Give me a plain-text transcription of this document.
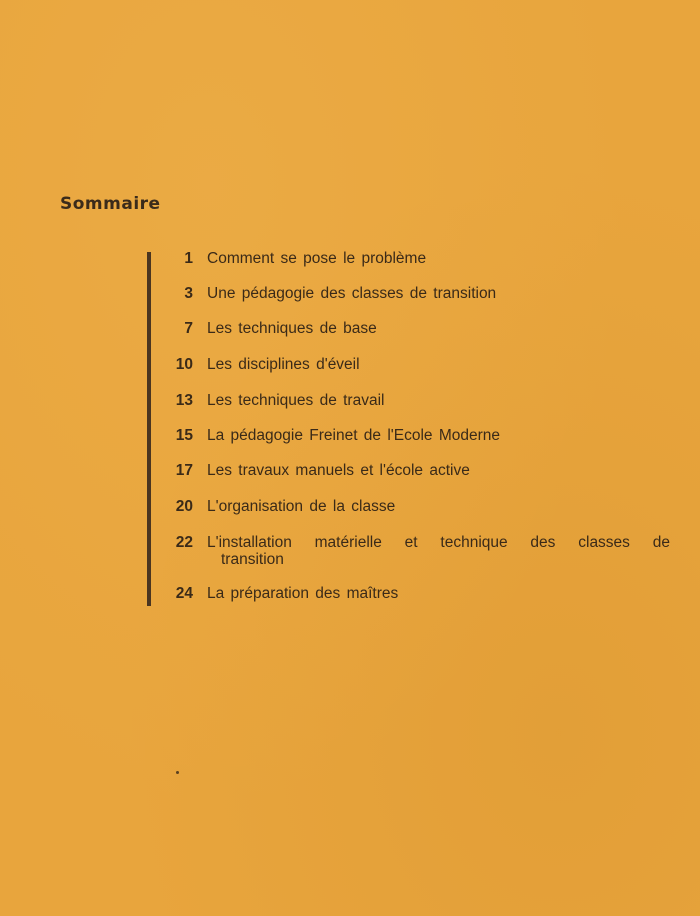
Sommaire
1 Comment se pose le problème
3 Une pédagogie des classes de transition
7 Les techniques de base
10 Les disciplines d'éveil
13 Les techniques de travail
15 La pédagogie Freinet de l'Ecole Moderne
17 Les travaux manuels et l'école active
20 L'organisation de la classe
22 L'installation matérielle et technique des classes de
transition
24 La préparation des maîtres
